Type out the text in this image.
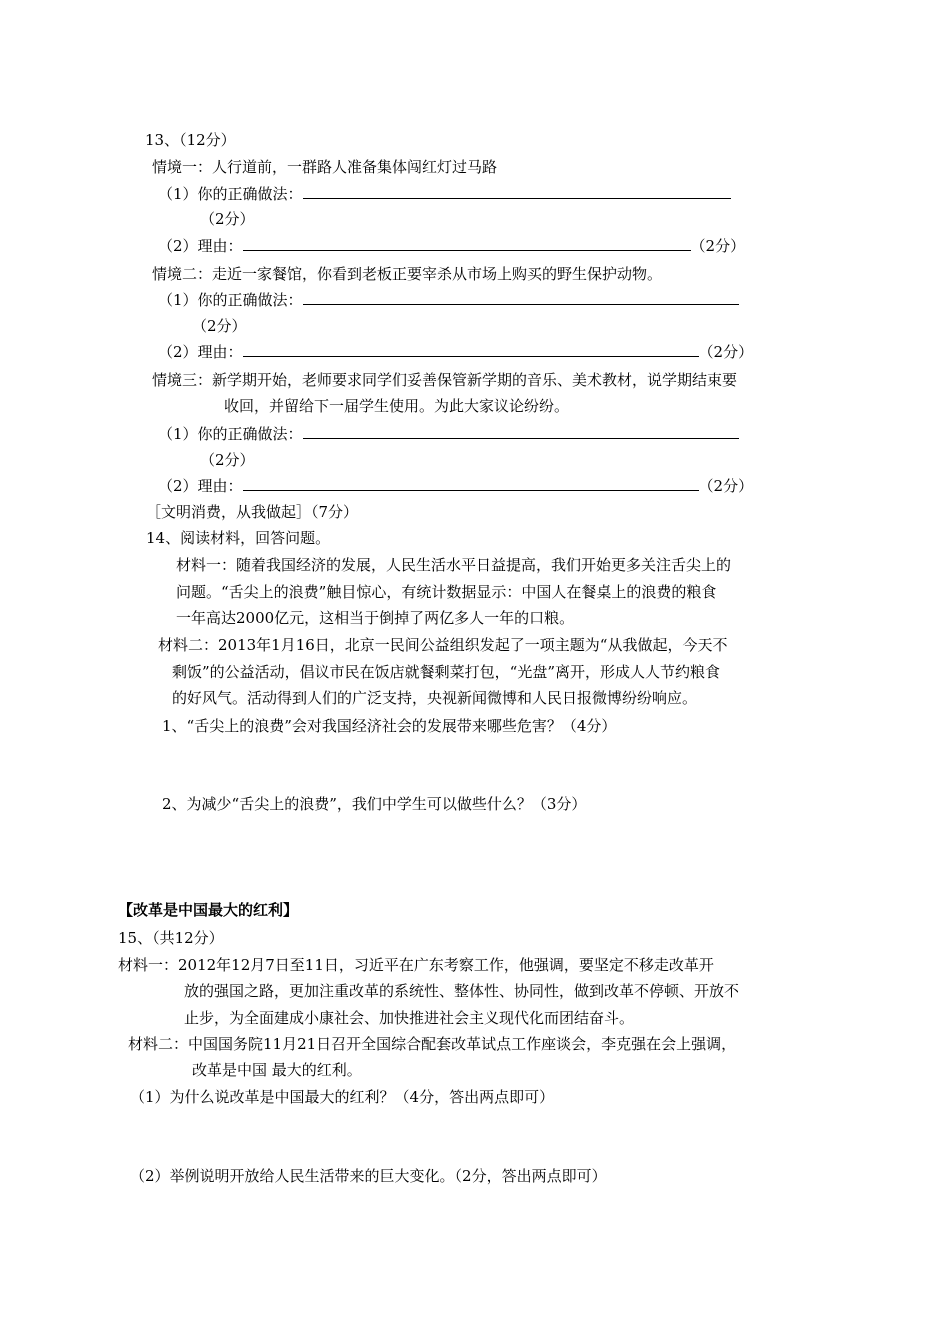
13、（12分）
情境一：人行道前，一群路人准备集体闯红灯过马路
（1）你的正确做法：
（2分）
（2）理由：	（2分）
情境二：走近一家餐馆，你看到老板正要宰杀从市场上购买的野生保护动物。
（1）你的正确做法：
（2分）
（2）理由：	（2分）
情境三：新学期开始，老师要求同学们妥善保管新学期的音乐、美术教材，说学期结束要
收回，并留给下一届学生使用。为此大家议论纷纷。
（1）你的正确做法：
（2分）
（2）理由：	（2分）
［文明消费，从我做起］（7分）
14、阅读材料，回答问题。
材料一：随着我国经济的发展，人民生活水平日益提高，我们开始更多关注舌尖上的
问题。“舌尖上的浪费”触目惊心，有统计数据显示：中国人在餐桌上的浪费的粮食
一年高达2000亿元，这相当于倒掉了两亿多人一年的口粮。
材料二：2013年1月16日，北京一民间公益组织发起了一项主题为“从我做起，今天不
剩饭”的公益活动，倡议市民在饭店就餐剩菜打包，“光盘”离开，形成人人节约粮食
的好风气。活动得到人们的广泛支持，央视新闻微博和人民日报微博纷纷响应。
1、“舌尖上的浪费”会对我国经济社会的发展带来哪些危害？（4分）
2、为减少“舌尖上的浪费”，我们中学生可以做些什么？（3分）
【改革是中国最大的红利】
15、（共12分）
材料一：2012年12月7日至11日，习近平在广东考察工作，他强调，要坚定不移走改革开
放的强国之路，更加注重改革的系统性、整体性、协同性，做到改革不停顿、开放不
止步，为全面建成小康社会、加快推进社会主义现代化而团结奋斗。
材料二：中国国务院11月21日召开全国综合配套改革试点工作座谈会，李克强在会上强调，
改革是中国 最大的红利。
（1）为什么说改革是中国最大的红利？（4分，答出两点即可）
（2）举例说明开放给人民生活带来的巨大变化。（2分，答出两点即可）
